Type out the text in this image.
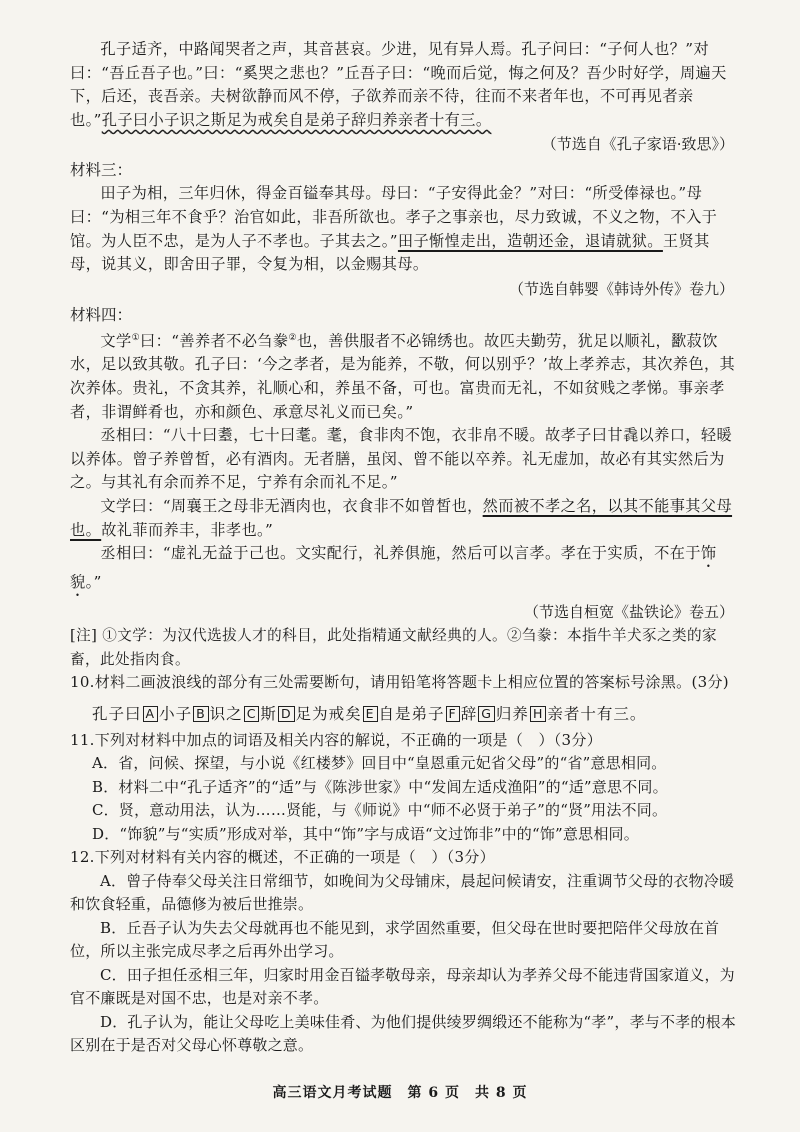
孔子适齐，中路闻哭者之声，其音甚哀。少进，见有异人焉。孔子问曰：“子何人也？”对曰：“吾丘吾子也。”曰：“奚哭之悲也？”丘吾子曰：“晚而后觉，悔之何及？吾少时好学，周遍天下，后还，丧吾亲。夫树欲静而风不停，子欲养而亲不待，往而不来者年也，不可再见者亲也。”孔子曰小子识之斯足为戒矣自是弟子辞归养亲者十有三。

（节选自《孔子家语·致思》）

材料三：

田子为相，三年归休，得金百镒奉其母。母曰：“子安得此金？”对曰：“所受俸禄也。”母曰：“为相三年不食乎？治官如此，非吾所欲也。孝子之事亲也，尽力致诚，不义之物，不入于馆。为人臣不忠，是为人子不孝也。子其去之。”田子惭惶走出，造朝还金，退请就狱。王贤其母，说其义，即舍田子罪，令复为相，以金赐其母。

（节选自韩婴《韩诗外传》卷九）

材料四：

文学①曰：“善养者不必刍豢②也，善供服者不必锦绣也。故匹夫勤劳，犹足以顺礼，歠菽饮水，足以致其敬。孔子曰：‘今之孝者，是为能养，不敬，何以别乎？’故上孝养志，其次养色，其次养体。贵礼，不贪其养，礼顺心和，养虽不备，可也。富贵而无礼，不如贫贱之孝悌。事亲孝者，非谓鲜肴也，亦和颜色、承意尽礼义而已矣。”

丞相曰：“八十曰耋，七十曰耄。耄，食非肉不饱，衣非帛不暖。故孝子曰甘毳以养口，轻暖以养体。曾子养曾皙，必有酒肉。无者膳，虽闵、曾不能以卒养。礼无虚加，故必有其实然后为之。与其礼有余而养不足，宁养有余而礼不足。”

文学曰：“周襄王之母非无酒肉也，衣食非不如曾皙也，然而被不孝之名，以其不能事其父母也。故礼菲而养丰，非孝也。”

丞相曰：“虚礼无益于己也。文实配行，礼养俱施，然后可以言孝。孝在于实质，不在于饰貌。”

（节选自桓宽《盐铁论》卷五）

[注] ①文学：为汉代选拔人才的科目，此处指精通文献经典的人。②刍豢：本指牛羊犬豕之类的家畜，此处指肉食。

10.材料二画波浪线的部分有三处需要断句，请用铅笔将答题卡上相应位置的答案标号涂黑。(3分)

孔子曰 A 小子 B 识之 C 斯 D 足为戒矣 E 自是弟子 F 辞 G 归养 H 亲者十有三。

11.下列对材料中加点的词语及相关内容的解说，不正确的一项是（　）（3分）

A．省，问候、探望，与小说《红楼梦》回目中“皇恩重元妃省父母”的“省”意思相同。

B．材料二中“孔子适齐”的“适”与《陈涉世家》中“发闾左适戍渔阳”的“适”意思不同。

C．贤，意动用法，认为……贤能，与《师说》中“师不必贤于弟子”的“贤”用法不同。

D．“饰貌”与“实质”形成对举，其中“饰”字与成语“文过饰非”中的“饰”意思相同。

12.下列对材料有关内容的概述，不正确的一项是（　）（3分）

A．曾子侍奉父母关注日常细节，如晚间为父母铺床，晨起问候请安，注重调节父母的衣物冷暖和饮食轻重，品德修为被后世推崇。

B．丘吾子认为失去父母就再也不能见到，求学固然重要，但父母在世时要把陪伴父母放在首位，所以主张完成尽孝之后再外出学习。

C．田子担任丞相三年，归家时用金百镒孝敬母亲，母亲却认为孝养父母不能违背国家道义，为官不廉既是对国不忠，也是对亲不孝。

D．孔子认为，能让父母吃上美味佳肴、为他们提供绫罗绸缎还不能称为“孝”，孝与不孝的根本区别在于是否对父母心怀尊敬之意。

高三语文月考试题　第 6 页　共 8 页
